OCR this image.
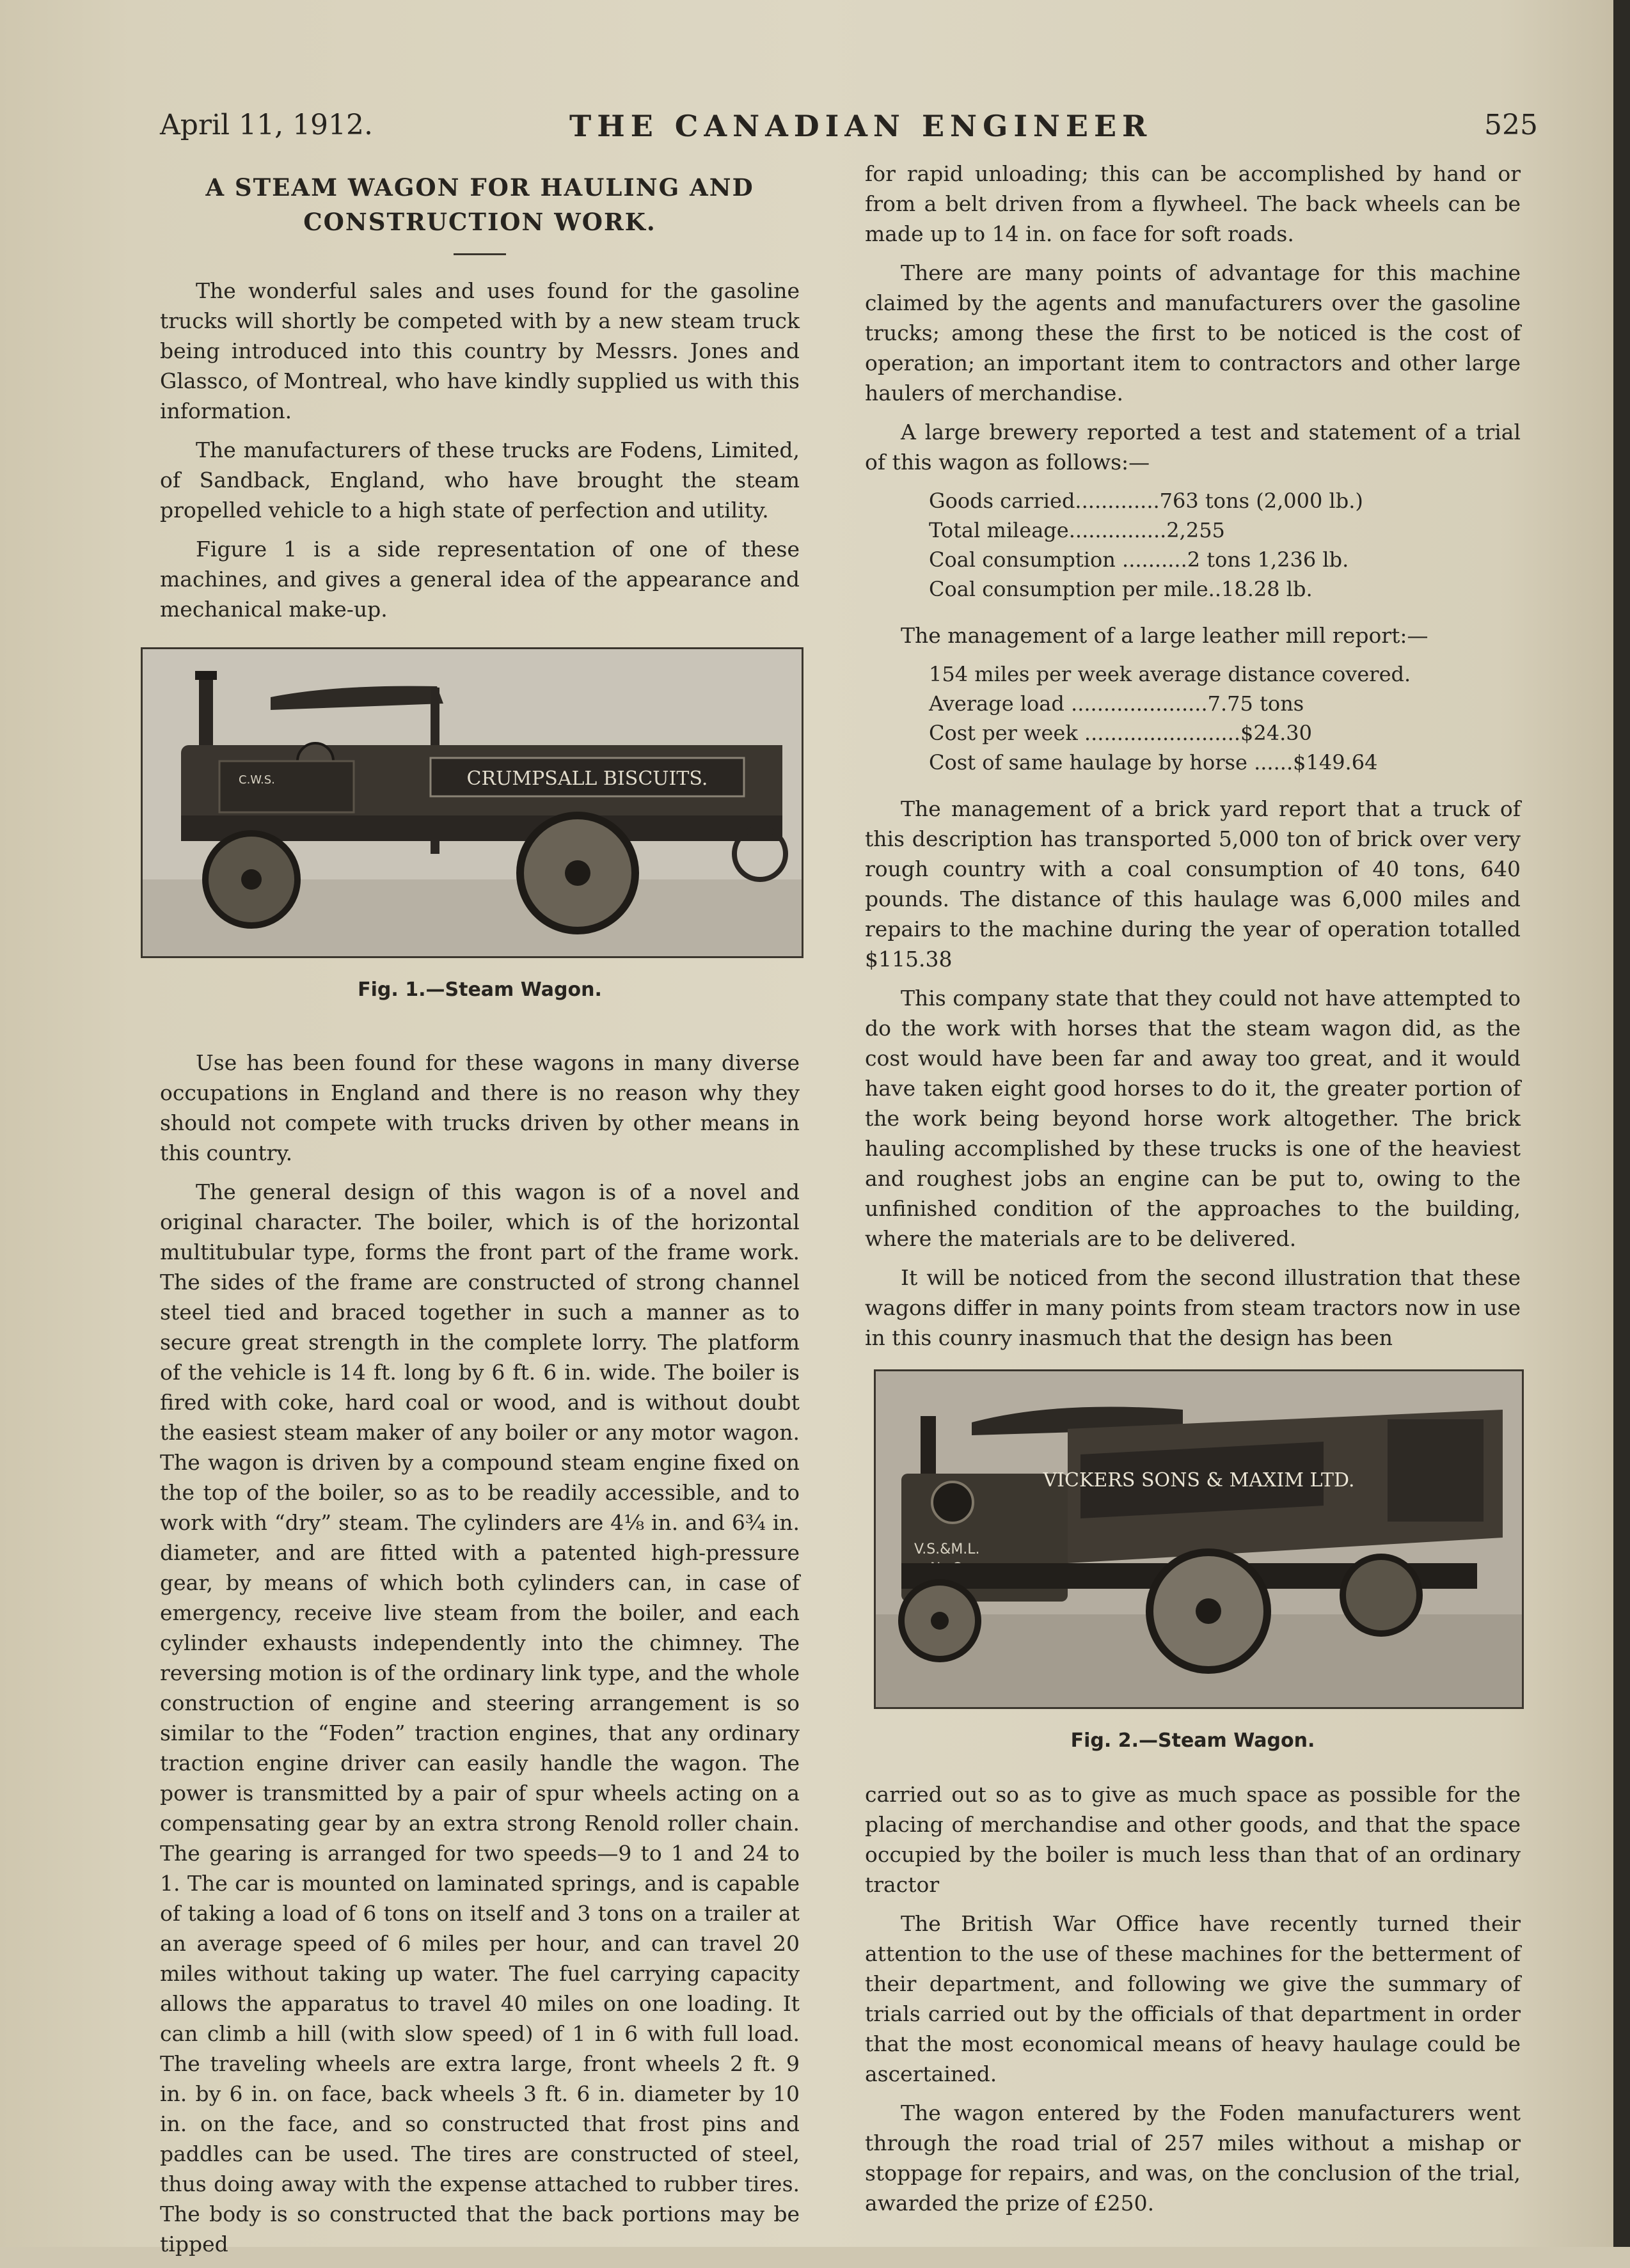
April 11, 1912.	THE CANADIAN ENGINEER	525
A STEAM WAGON FOR HAULING AND
CONSTRUCTION WORK.

The wonderful sales and uses found for the gasoline trucks will shortly be competed with by a new steam truck being introduced into this country by Messrs. Jones and Glassco, of Montreal, who have kindly supplied us with this information.

The manufacturers of these trucks are Fodens, Limited, of Sandback, England, who have brought the steam propelled vehicle to a high state of perfection and utility.

Figure 1 is a side representation of one of these machines, and gives a general idea of the appearance and mechanical make-up.

C.W.S.	CRUMPSALL BISCUITS.
Fig. 1.—Steam Wagon.

Use has been found for these wagons in many diverse occupations in England and there is no reason why they should not compete with trucks driven by other means in this country.

The general design of this wagon is of a novel and original character. The boiler, which is of the horizontal multitubular type, forms the front part of the frame work. The sides of the frame are constructed of strong channel steel tied and braced together in such a manner as to secure great strength in the complete lorry. The platform of the vehicle is 14 ft. long by 6 ft. 6 in. wide. The boiler is fired with coke, hard coal or wood, and is without doubt the easiest steam maker of any boiler or any motor wagon. The wagon is driven by a compound steam engine fixed on the top of the boiler, so as to be readily accessible, and to work with “dry” steam. The cylinders are 4⅛ in. and 6¾ in. diameter, and are fitted with a patented high-pressure gear, by means of which both cylinders can, in case of emergency, receive live steam from the boiler, and each cylinder exhausts independently into the chimney. The reversing motion is of the ordinary link type, and the whole construction of engine and steering arrangement is so similar to the “Foden” traction engines, that any ordinary traction engine driver can easily handle the wagon. The power is transmitted by a pair of spur wheels acting on a compensating gear by an extra strong Renold roller chain. The gearing is arranged for two speeds—9 to 1 and 24 to 1. The car is mounted on laminated springs, and is capable of taking a load of 6 tons on itself and 3 tons on a trailer at an average speed of 6 miles per hour, and can travel 20 miles without taking up water. The fuel carrying capacity allows the apparatus to travel 40 miles on one loading. It can climb a hill (with slow speed) of 1 in 6 with full load. The traveling wheels are extra large, front wheels 2 ft. 9 in. by 6 in. on face, back wheels 3 ft. 6 in. diameter by 10 in. on the face, and so constructed that frost pins and paddles can be used. The tires are constructed of steel, thus doing away with the expense attached to rubber tires. The body is so constructed that the back portions may be tipped

for rapid unloading; this can be accomplished by hand or from a belt driven from a flywheel. The back wheels can be made up to 14 in. on face for soft roads.

There are many points of advantage for this machine claimed by the agents and manufacturers over the gasoline trucks; among these the first to be noticed is the cost of operation; an important item to contractors and other large haulers of merchandise.

A large brewery reported a test and statement of a trial of this wagon as follows:—

Goods carried.............763 tons (2,000 lb.)
Total mileage...............2,255
Coal consumption ..........2 tons 1,236 lb.
Coal consumption per mile..18.28 lb.

The management of a large leather mill report:—

154 miles per week average distance covered.
Average load .....................7.75 tons
Cost per week ........................$24.30
Cost of same haulage by horse ......$149.64

The management of a brick yard report that a truck of this description has transported 5,000 ton of brick over very rough country with a coal consumption of 40 tons, 640 pounds. The distance of this haulage was 6,000 miles and repairs to the machine during the year of operation totalled $115.38

This company state that they could not have attempted to do the work with horses that the steam wagon did, as the cost would have been far and away too great, and it would have taken eight good horses to do it, the greater portion of the work being beyond horse work altogether. The brick hauling accomplished by these trucks is one of the heaviest and roughest jobs an engine can be put to, owing to the unfinished condition of the approaches to the building, where the materials are to be delivered.

It will be noticed from the second illustration that these wagons differ in many points from steam tractors now in use in this counry inasmuch that the design has been

V.S.&M.L.
VICKERS SONS & MAXIM LTD.
Fig. 2.—Steam Wagon.

carried out so as to give as much space as possible for the placing of merchandise and other goods, and that the space occupied by the boiler is much less than that of an ordinary tractor

The British War Office have recently turned their attention to the use of these machines for the betterment of their department, and following we give the summary of trials carried out by the officials of that department in order that the most economical means of heavy haulage could be ascertained.

The wagon entered by the Foden manufacturers went through the road trial of 257 miles without a mishap or stoppage for repairs, and was, on the conclusion of the trial, awarded the prize of £250.
